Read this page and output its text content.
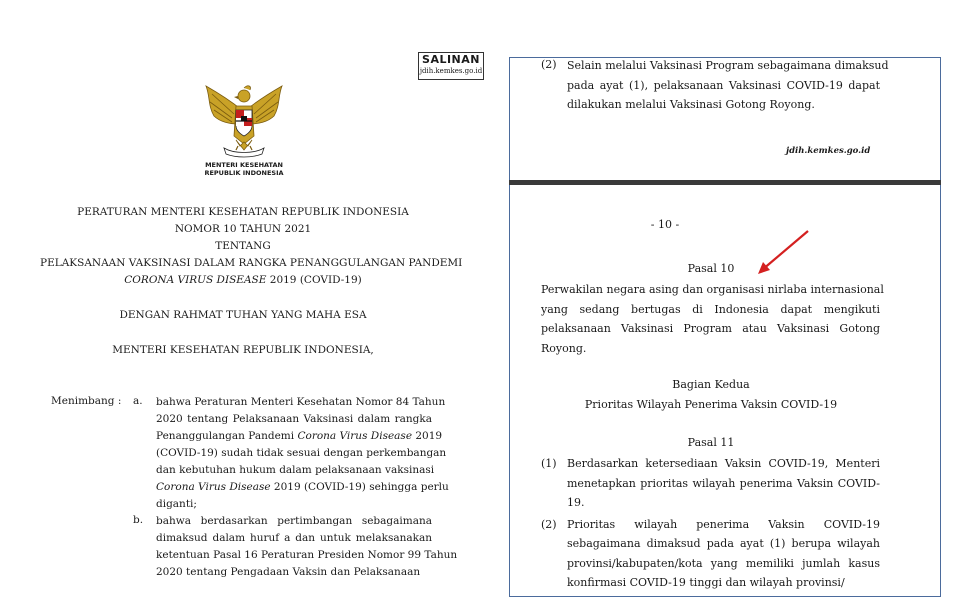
SALINAN
jdih.kemkes.go.id
MENTERI KESEHATAN
REPUBLIK INDONESIA
PERATURAN MENTERI KESEHATAN REPUBLIK INDONESIA
NOMOR 10 TAHUN 2021
TENTANG
PELAKSANAAN VAKSINASI DALAM RANGKA PENANGGULANGAN PANDEMI
CORONA VIRUS DISEASE 2019 (COVID-19)
DENGAN RAHMAT TUHAN YANG MAHA ESA
MENTERI KESEHATAN REPUBLIK INDONESIA,
Menimbang : a. bahwa Peraturan Menteri Kesehatan Nomor 84 Tahun
2020 tentang Pelaksanaan Vaksinasi dalam rangka
Penanggulangan Pandemi Corona Virus Disease 2019
(COVID-19) sudah tidak sesuai dengan perkembangan
dan kebutuhan hukum dalam pelaksanaan vaksinasi
Corona Virus Disease 2019 (COVID-19) sehingga perlu
diganti;
b. bahwa berdasarkan pertimbangan sebagaimana
dimaksud dalam huruf a dan untuk melaksanakan
ketentuan Pasal 16 Peraturan Presiden Nomor 99 Tahun
2020 tentang Pengadaan Vaksin dan Pelaksanaan
(2) Selain melalui Vaksinasi Program sebagaimana dimaksud
pada ayat (1), pelaksanaan Vaksinasi COVID-19 dapat
dilakukan melalui Vaksinasi Gotong Royong.
jdih.kemkes.go.id
- 10 -
Pasal 10
Perwakilan negara asing dan organisasi nirlaba internasional
yang sedang bertugas di Indonesia dapat mengikuti
pelaksanaan Vaksinasi Program atau Vaksinasi Gotong
Royong.
Bagian Kedua
Prioritas Wilayah Penerima Vaksin COVID-19
Pasal 11
(1) Berdasarkan ketersediaan Vaksin COVID-19, Menteri
menetapkan prioritas wilayah penerima Vaksin COVID-
19.
(2) Prioritas wilayah penerima Vaksin COVID-19
sebagaimana dimaksud pada ayat (1) berupa wilayah
provinsi/kabupaten/kota yang memiliki jumlah kasus
konfirmasi COVID-19 tinggi dan wilayah provinsi/
